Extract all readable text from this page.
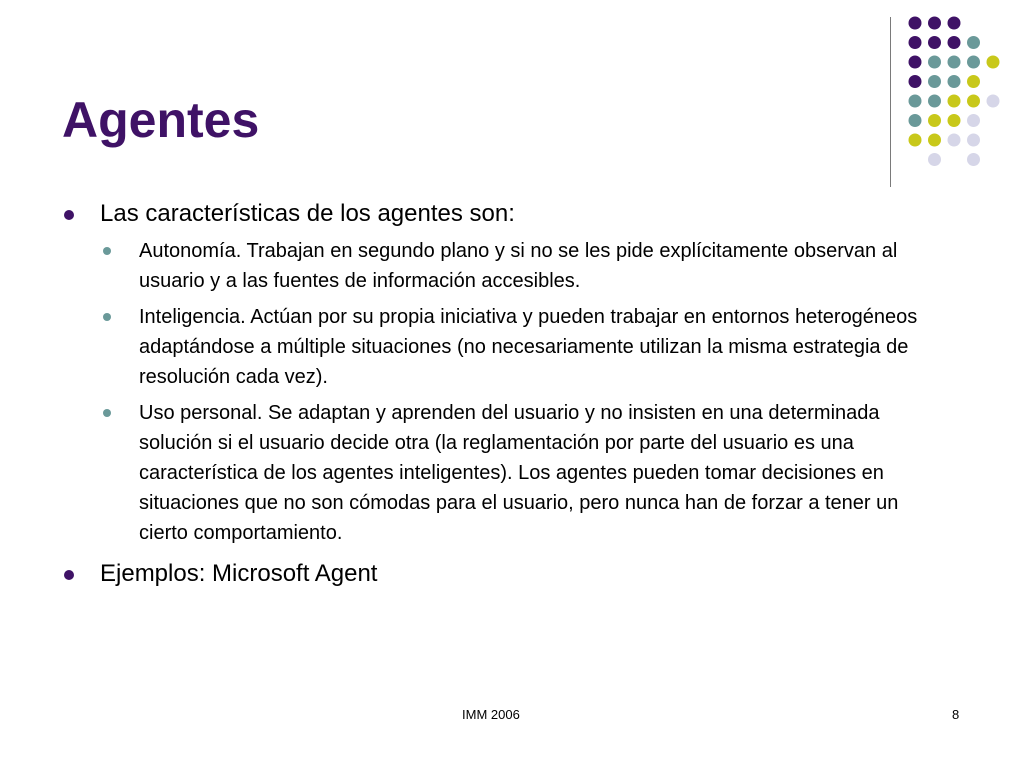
Agentes
Las características de los agentes son:
Autonomía. Trabajan en segundo plano y si no se les pide explícitamente observan al usuario y a las fuentes de información accesibles.
Inteligencia. Actúan por su propia iniciativa y pueden trabajar en entornos heterogéneos adaptándose a múltiple situaciones (no necesariamente utilizan la misma estrategia de resolución cada vez).
Uso personal. Se adaptan y aprenden del usuario y no insisten en una determinada solución si el usuario decide otra (la reglamentación por parte del usuario es una característica de los agentes inteligentes). Los agentes pueden tomar decisiones en situaciones que no son cómodas para el usuario, pero nunca han de forzar a tener un cierto comportamiento.
Ejemplos: Microsoft Agent
IMM 2006	8
